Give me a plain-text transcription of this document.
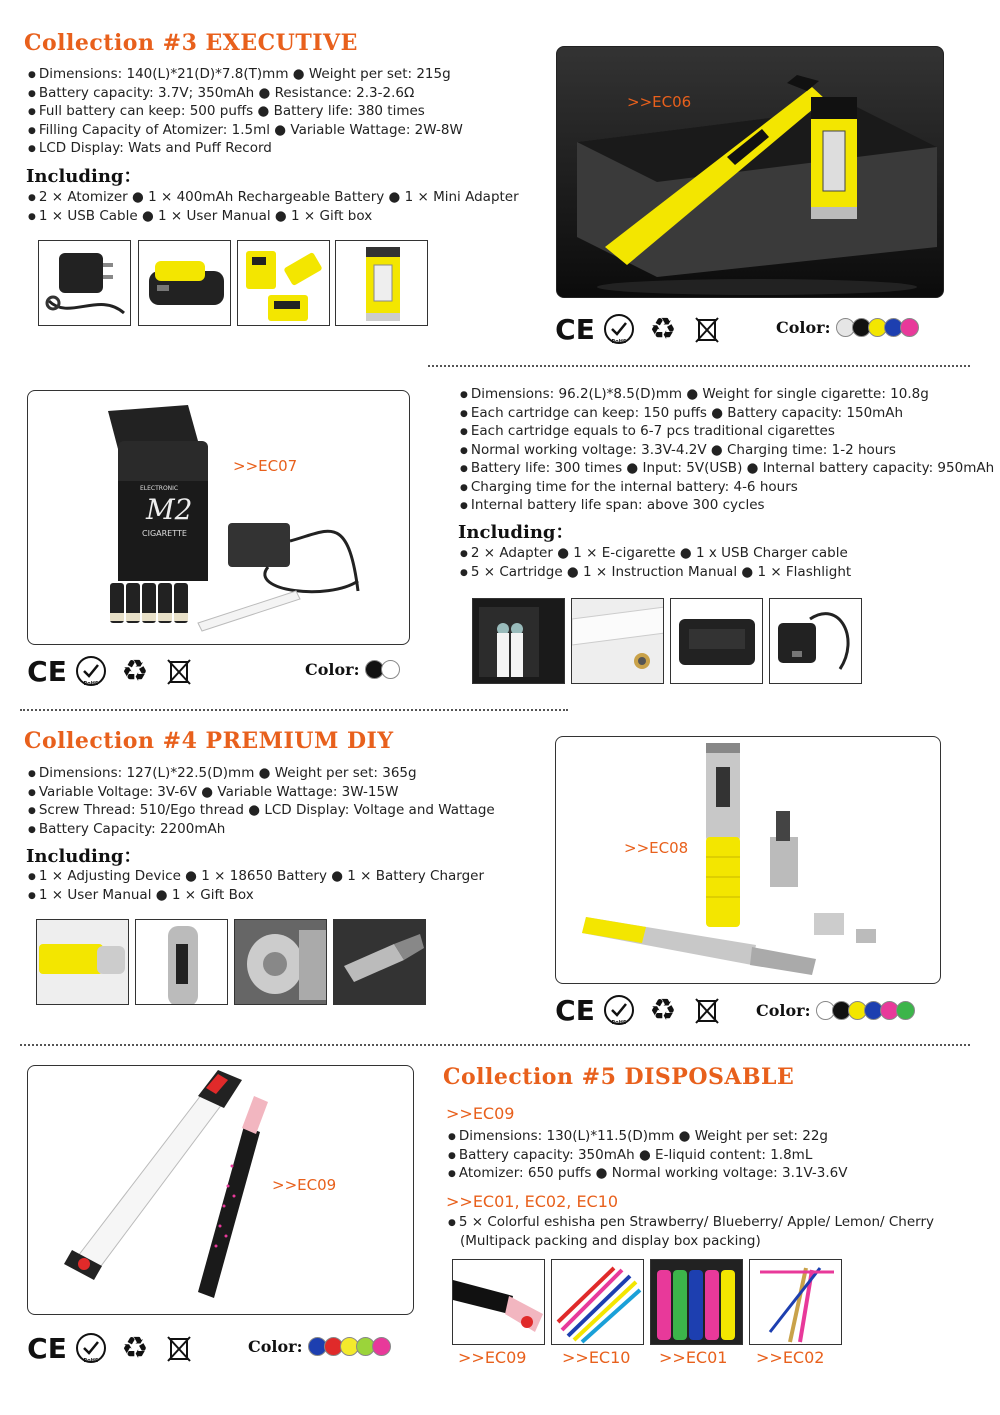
Collection #3 EXECUTIVE
● Dimensions: 140(L)*21(D)*7.8(T)mm ● Weight per set: 215g
● Battery capacity: 3.7V; 350mAh ● Resistance: 2.3-2.6Ω
● Full battery can keep: 500 puffs ● Battery life: 380 times
● Filling Capacity of Atomizer: 1.5ml ● Variable Wattage: 2W-8W
● LCD Display: Wats and Puff Record
Including：
● 2 × Atomizer ● 1 × 400mAh Rechargeable Battery ● 1 × Mini Adapter
● 1 × USB Cable ● 1 × User Manual ● 1 × Gift box
>>EC06
CE	RoHS ♻	Color:
ELECTRONIC
M2
CIGARETTE
>>EC07
CE	RoHS ♻	Color:
● Dimensions: 96.2(L)*8.5(D)mm ● Weight for single cigarette: 10.8g
● Each cartridge can keep: 150 puffs ● Battery capacity: 150mAh
● Each cartridge equals to 6-7 pcs traditional cigarettes
● Normal working voltage: 3.3V-4.2V ● Charging time: 1-2 hours
● Battery life: 300 times ● Input: 5V(USB) ● Internal battery capacity: 950mAh
● Charging time for the internal battery: 4-6 hours
● Internal battery life span: above 300 cycles
Including：
● 2 × Adapter ● 1 × E-cigarette ● 1 x USB Charger cable
● 5 × Cartridge ● 1 × Instruction Manual ● 1 × Flashlight
Collection #4 PREMIUM DIY
● Dimensions: 127(L)*22.5(D)mm ● Weight per set: 365g
● Variable Voltage: 3V-6V ● Variable Wattage: 3W-15W
● Screw Thread: 510/Ego thread ● LCD Display: Voltage and Wattage
● Battery Capacity: 2200mAh
Including：
● 1 × Adjusting Device ● 1 × 18650 Battery ● 1 × Battery Charger
● 1 × User Manual ● 1 × Gift Box
>>EC08
CE	RoHS ♻	Color:
>>EC09
CE	RoHS ♻	Color:
Collection #5 DISPOSABLE
>>EC09
● Dimensions: 130(L)*11.5(D)mm ● Weight per set: 22g
● Battery capacity: 350mAh ● E-liquid content: 1.8mL
● Atomizer: 650 puffs ● Normal working voltage: 3.1V-3.6V
>>EC01, EC02, EC10
● 5 × Colorful eshisha pen Strawberry/ Blueberry/ Apple/ Lemon/ Cherry
(Multipack packing and display box packing)
>>EC09 >>EC10 >>EC01 >>EC02
